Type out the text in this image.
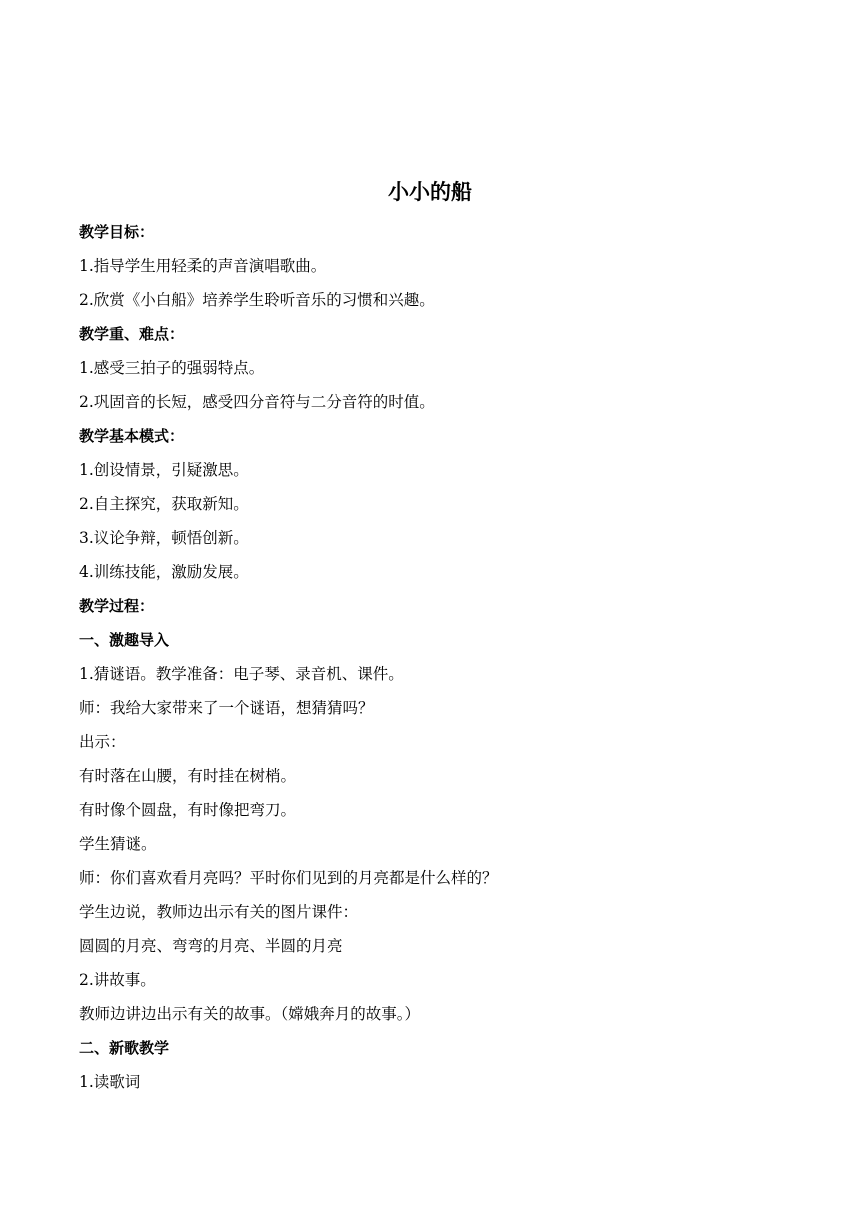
小小的船
教学目标：
1.指导学生用轻柔的声音演唱歌曲。
2.欣赏《小白船》培养学生聆听音乐的习惯和兴趣。
教学重、难点：
1.感受三拍子的强弱特点。
2.巩固音的长短，感受四分音符与二分音符的时值。
教学基本模式：
1.创设情景，引疑激思。
2.自主探究，获取新知。
3.议论争辩，顿悟创新。
4.训练技能，激励发展。
教学过程：
一、激趣导入
1.猜谜语。教学准备：电子琴、录音机、课件。
师：我给大家带来了一个谜语，想猜猜吗？
出示：
有时落在山腰，有时挂在树梢。
有时像个圆盘，有时像把弯刀。
学生猜谜。
师：你们喜欢看月亮吗？平时你们见到的月亮都是什么样的？
学生边说，教师边出示有关的图片课件：
圆圆的月亮、弯弯的月亮、半圆的月亮
2.讲故事。
教师边讲边出示有关的故事。（嫦娥奔月的故事。）
二、新歌教学
1.读歌词
